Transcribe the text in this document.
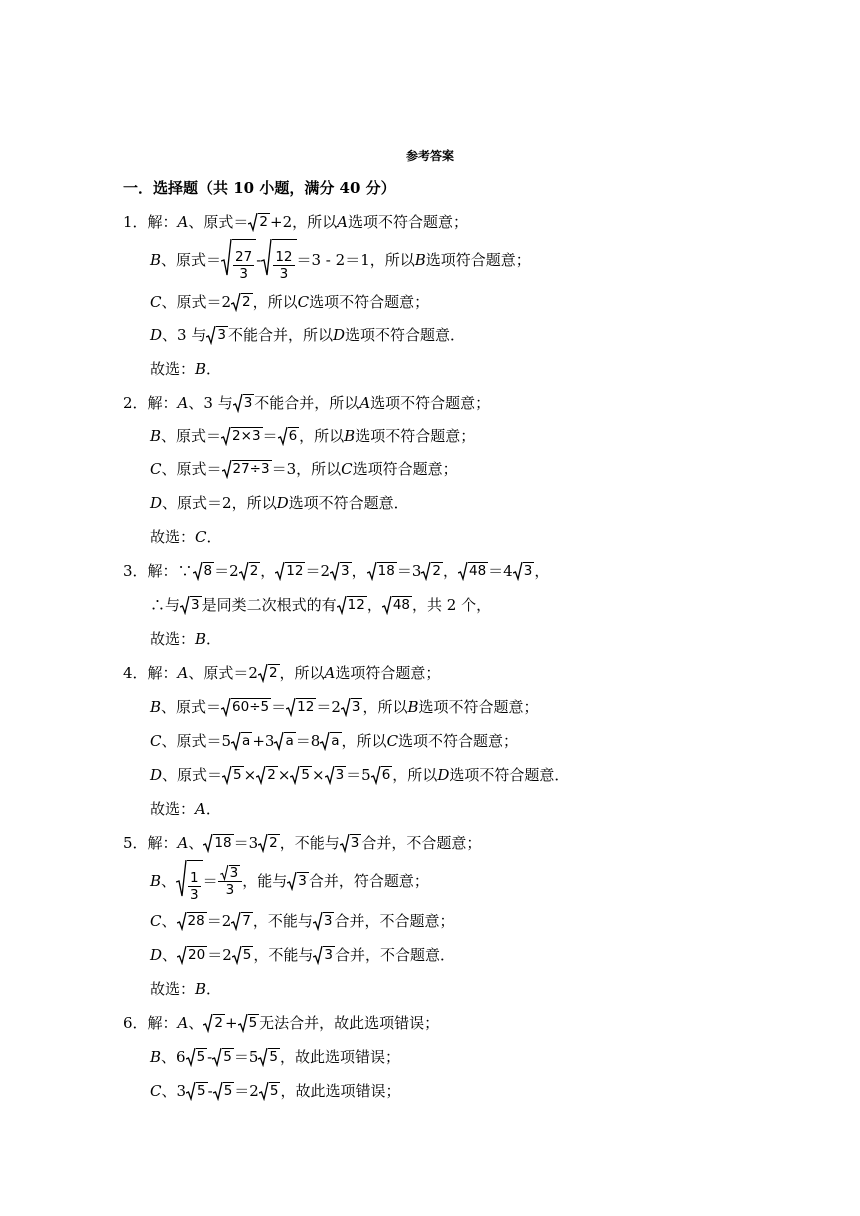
参考答案
一．选择题（共 10 小题，满分 40 分）
1．解： A 、原式＝ 2 +2，所以 A 选项不符合题意；
B 、原式＝ $\frac{27}{3} - \frac{12}{3} =3 - 2=1$，所以 B 选项符合题意；
C 、原式＝2 2 ，所以 C 选项不符合题意；
D 、3 与 3 不能合并，所以 D 选项不符合题意．
故选： B ．
2．解： A 、3 与 3 不能合并，所以 A 选项不符合题意；
B 、原式＝ 2×3 ＝ 6 ，所以 B 选项不符合题意；
C 、原式＝ 27÷3 ＝3，所以 C 选项符合题意；
D 、原式＝2，所以 D 选项不符合题意．
故选： C ．
3．解：∵ 8 ＝2 2 ， 12 ＝2 3 ， 18 ＝3 2 ， 48 ＝4 3 ，
∴与 3 是同类二次根式的有 12 ， 48 ，共 2 个，
故选： B ．
4．解： A 、原式＝2 2 ，所以 A 选项符合题意；
B 、原式＝ 60÷5 ＝ 12 ＝2 3 ，所以 B 选项不符合题意；
C 、原式＝5 a +3 a ＝8 a ，所以 C 选项不符合题意；
D 、原式＝ 5 × 2 × 5 × 3 ＝5 6 ，所以 D 选项不符合题意．
故选： A ．
5．解： A 、 18 ＝3 2 ，不能与 3 合并，不合题意；
B 、 $\frac{1}{3} = \frac{3}{3}$ ，能与 3 合并，符合题意；
C 、 28 ＝2 7 ，不能与 3 合并，不合题意；
D 、 20 ＝2 5 ，不能与 3 合并，不合题意．
故选： B ．
6．解： A 、 2 + 5 无法合并，故此选项错误；
B 、6 5 - 5 ＝5 5 ，故此选项错误；
C 、3 5 - 5 ＝2 5 ，故此选项错误；
